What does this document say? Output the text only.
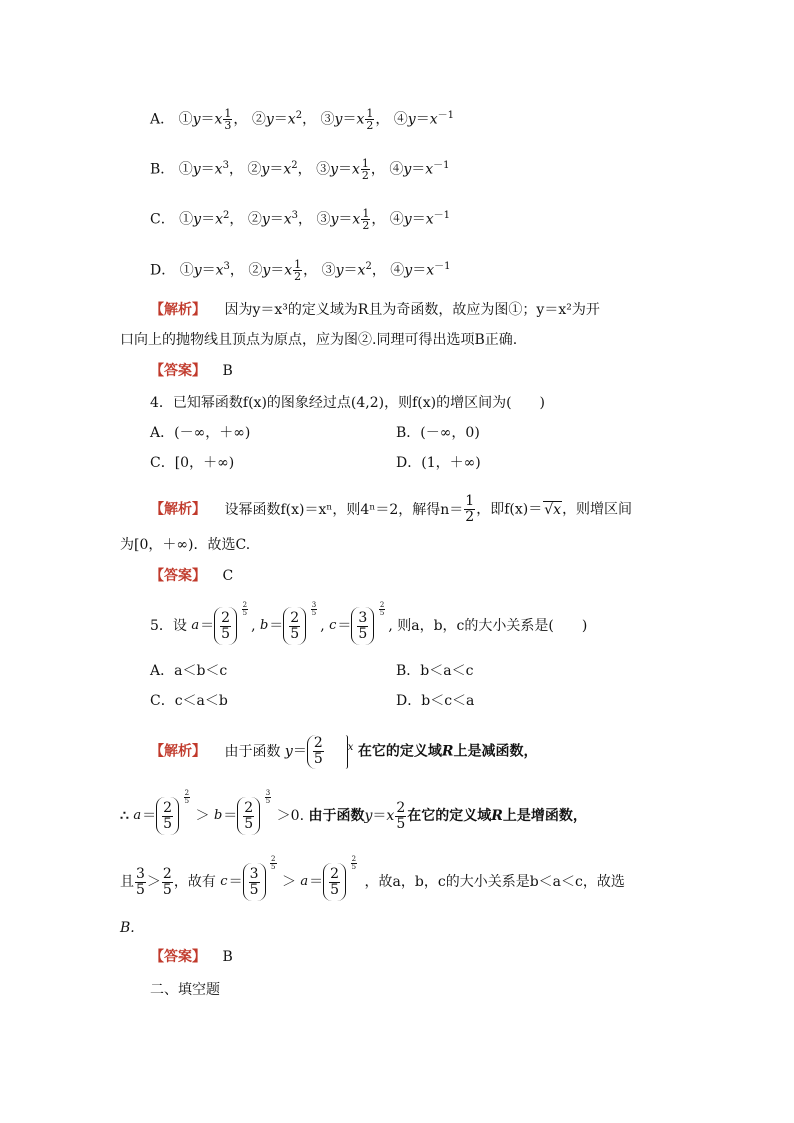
A． ①y＝x $\frac{1}{3}$ ， $②y=x^2$， ③y＝x $\frac{1}{2}$ ， $④y=x^{-1}$
B． $①y=x^3$， $②y=x^2$， ③y＝x $\frac{1}{2}$ ， $④y=x^{-1}$
C． $①y=x^2$， $②y=x^3$， ③y＝x $\frac{1}{2}$ ， $④y=x^{-1}$
D． $①y=x^3$， ②y＝x $\frac{1}{2}$ ， $③y=x^2$， $④y=x^{-1}$
【解析】 因为y＝x³的定义域为R且为奇函数，故应为图①；y＝x²为开
口向上的抛物线且顶点为原点，应为图②.同理可得出选项B正确.
【答案】 B
4．已知幂函数f(x)的图象经过点(4,2)，则f(x)的增区间为(　　)
A．(－∞，＋∞)	B．(－∞，0)
C．[0，＋∞)	D．(1，＋∞)
【解析】 设幂函数f(x)＝xⁿ，则4ⁿ＝2，解得$n= \frac{1}{2}$ ，即f(x)＝ √x，则增区间
为[0，＋∞)．故选C.
【答案】 C
5．设 $a = \frac{2}{5}$
$\frac{2}{5}$
, $b = \frac{2}{5}$
$\frac{3}{5}$
, $c = \frac{3}{5}$
$\frac{2}{5}$
, 则a，b，c的大小关系是(　　)
A．a＜b＜c	B．b＜a＜c
C．c＜a＜b	D．b＜c＜a
【解析】 由于函数 $y= \frac{2}{5} ^x$ 在它的定义域R上是减函数，
∴ $a = \frac{2}{5}$
$\frac{2}{5}$
＞ $b = \frac{2}{5}$
$\frac{3}{5}$
＞0. 由于函数$y=x \frac{2}{5}$ 在它的定义域R上是增函数，
且 $\frac{3}{5} > \frac{2}{5}$ ，故有 $c = \frac{3}{5}$
$\frac{2}{5}$
＞ $a = \frac{2}{5}$
$\frac{2}{5}$
，故a，b，c的大小关系是b＜a＜c，故选
B.
【答案】 B
二、填空题
